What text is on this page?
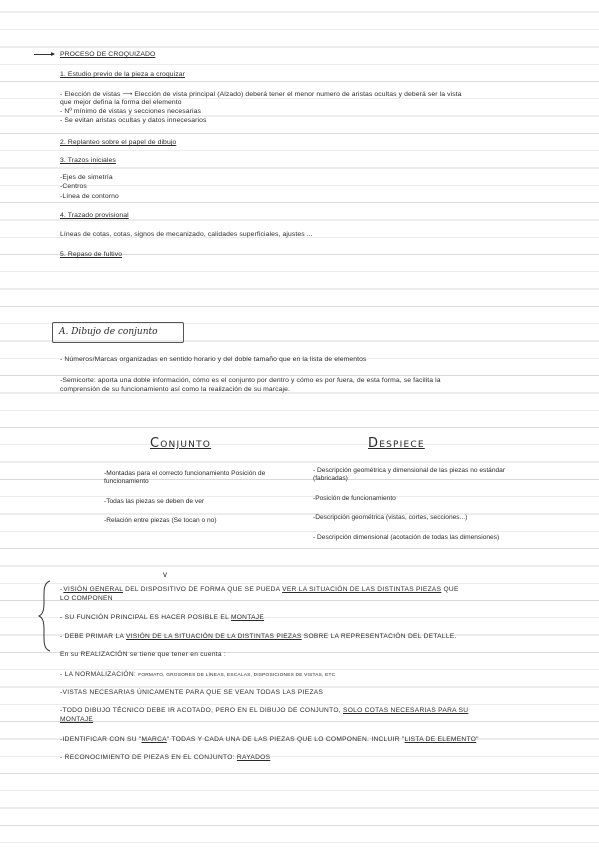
PROCESO DE CROQUIZADO
1. Estudio previo de la pieza a croquizar
- Elección de vistas ⟶ Elección de vista principal (Alzado) deberá tener el menor numero de aristas ocultas y deberá ser la vista
que mejor defina la forma del elemento
- Nº mínimo de vistas y secciones necesarias
- Se evitan aristas ocultas y datos innecesarios
2. Replanteo sobre el papel de dibujo
3. Trazos iniciales
-Ejes de simetría
-Centros
-Línea de contorno
4. Trazado provisional
Líneas de cotas, cotas, signos de mecanizado, calidades superficiales, ajustes ...
5. Repaso de fultivo
A. Dibujo de conjunto
- Números/Marcas organizadas en sentido horario y del doble tamaño que en la lista de elementos
-Semicorte: aporta una doble información, cómo es el conjunto por dentro y cómo es por fuera, de esta forma, se facilita la
comprensión de su funcionamiento así como la realización de su marcaje.
Conjunto	Despiece
-Montadas para el correcto funcionamiento Posición de funcionamiento
-Todas las piezas se deben de ver
-Relación entre piezas (Se tocan o no)
- Descripción geométrica y dimensional de las piezas no estándar (fabricadas)
-Posición de funcionamiento
-Descripción geométrica (vistas, cortes, secciones...)
- Descripción dimensional (acotación de todas las dimensiones)
v
- VISIÓN GENERAL DEL DISPOSITIVO DE FORMA QUE SE PUEDA VER LA SITUACIÓN DE LAS DISTINTAS PIEZAS QUE
LO COMPONEN
- SU FUNCIÓN PRINCIPAL ES HACER POSIBLE EL MONTAJE
- DEBE PRIMAR LA VISIÓN DE LA SITUACIÓN DE LA DISTINTAS PIEZAS SOBRE LA REPRESENTACIÓN DEL DETALLE.
En su REALIZACIÓN se tiene que tener en cuenta :
- LA NORMALIZACIÓN: FORMATO, GROSORES DE LÍNEAS, ESCALAS, DISPOSICIONES DE VISTAS, ETC
-VISTAS NECESARIAS ÚNICAMENTE PARA QUE SE VEAN TODAS LAS PIEZAS
-TODO DIBUJO TÉCNICO DEBE IR ACOTADO, PERO EN EL DIBUJO DE CONJUNTO, SOLO COTAS NECESARIAS PARA SU
MONTAJE
-IDENTIFICAR CON SU "MARCA" TODAS Y CADA UNA DE LAS PIEZAS QUE LO COMPONEN. INCLUIR "LISTA DE ELEMENTO"
- RECONOCIMIENTO DE PIEZAS EN EL CONJUNTO: RAYADOS
